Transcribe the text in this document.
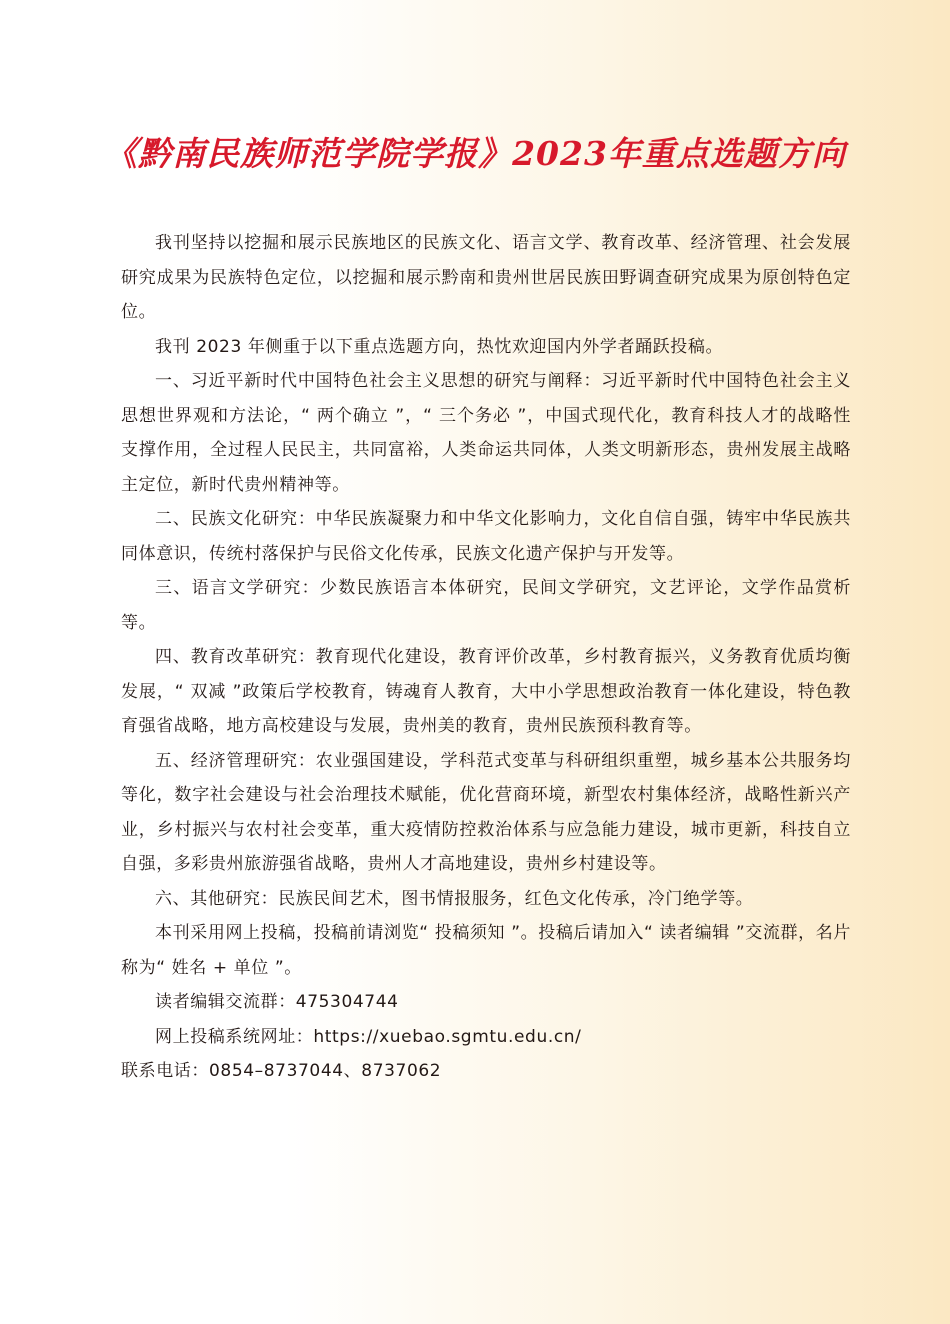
《黔南民族师范学院学报》2023年重点选题方向

我刊坚持以挖掘和展示民族地区的民族文化、语言文学、教育改革、经济管理、社会发展研究成果为民族特色定位，以挖掘和展示黔南和贵州世居民族田野调查研究成果为原创特色定位。

我刊 2023 年侧重于以下重点选题方向，热忱欢迎国内外学者踊跃投稿。

一、习近平新时代中国特色社会主义思想的研究与阐释：习近平新时代中国特色社会主义思想世界观和方法论，“ 两个确立 ”，“ 三个务必 ”，中国式现代化，教育科技人才的战略性支撑作用，全过程人民民主，共同富裕，人类命运共同体，人类文明新形态，贵州发展主战略主定位，新时代贵州精神等。

二、民族文化研究：中华民族凝聚力和中华文化影响力，文化自信自强，铸牢中华民族共同体意识，传统村落保护与民俗文化传承，民族文化遗产保护与开发等。

三、语言文学研究：少数民族语言本体研究，民间文学研究，文艺评论，文学作品赏析等。

四、教育改革研究：教育现代化建设，教育评价改革，乡村教育振兴，义务教育优质均衡发展，“ 双减 ”政策后学校教育，铸魂育人教育，大中小学思想政治教育一体化建设，特色教育强省战略，地方高校建设与发展，贵州美的教育，贵州民族预科教育等。

五、经济管理研究：农业强国建设，学科范式变革与科研组织重塑，城乡基本公共服务均等化，数字社会建设与社会治理技术赋能，优化营商环境，新型农村集体经济，战略性新兴产业，乡村振兴与农村社会变革，重大疫情防控救治体系与应急能力建设，城市更新，科技自立自强，多彩贵州旅游强省战略，贵州人才高地建设，贵州乡村建设等。

六、其他研究：民族民间艺术，图书情报服务，红色文化传承，冷门绝学等。

本刊采用网上投稿，投稿前请浏览“ 投稿须知 ”。投稿后请加入“ 读者编辑 ”交流群，名片称为“ 姓名 + 单位 ”。

读者编辑交流群：475304744

网上投稿系统网址：https://xuebao.sgmtu.edu.cn/

联系电话：0854–8737044、8737062
